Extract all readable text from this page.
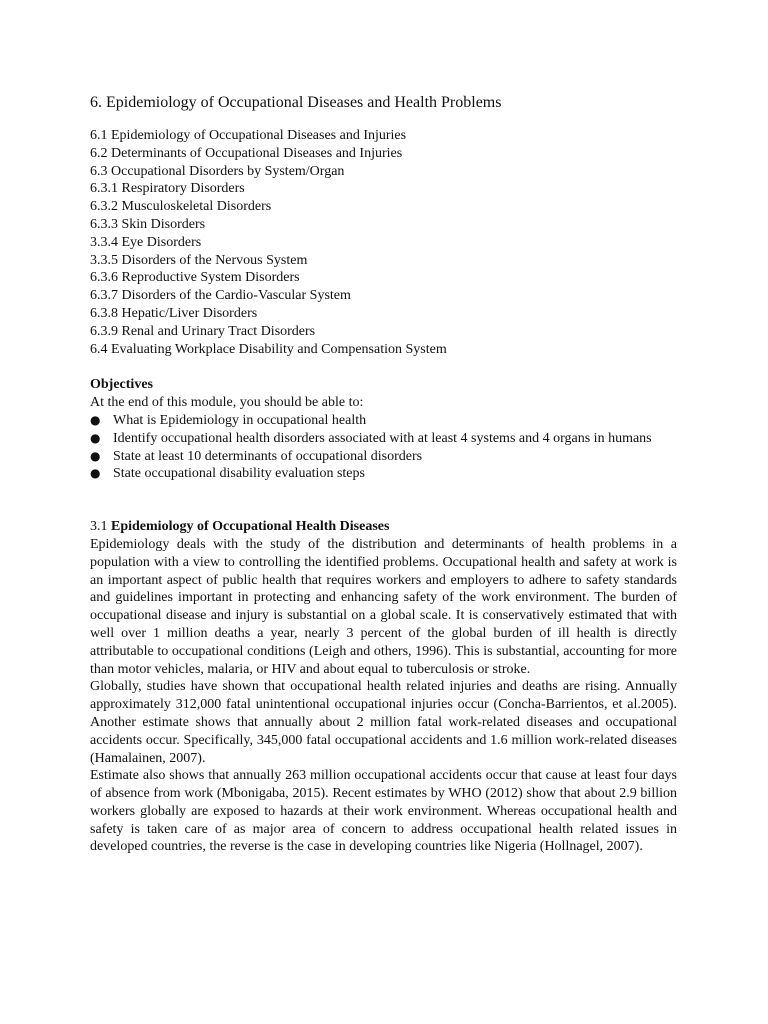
6. Epidemiology of Occupational Diseases and Health Problems
6.1 Epidemiology of Occupational Diseases and Injuries
6.2 Determinants of Occupational Diseases and Injuries
6.3 Occupational Disorders by System/Organ
6.3.1 Respiratory Disorders
6.3.2 Musculoskeletal Disorders
6.3.3 Skin Disorders
3.3.4 Eye Disorders
3.3.5 Disorders of the Nervous System
6.3.6 Reproductive System Disorders
6.3.7 Disorders of the Cardio-Vascular System
6.3.8 Hepatic/Liver Disorders
6.3.9 Renal and Urinary Tract Disorders
6.4 Evaluating Workplace Disability and Compensation System

Objectives

At the end of this module, you should be able to:

● What is Epidemiology in occupational health
● Identify occupational health disorders associated with at least 4 systems and 4 organs in humans
● State at least 10 determinants of occupational disorders
● State occupational disability evaluation steps

3.1 Epidemiology of Occupational Health Diseases

Epidemiology deals with the study of the distribution and determinants of health problems in a population with a view to controlling the identified problems. Occupational health and safety at work is an important aspect of public health that requires workers and employers to adhere to safety standards and guidelines important in protecting and enhancing safety of the work environment. The burden of occupational disease and injury is substantial on a global scale. It is conservatively estimated that with well over 1 million deaths a year, nearly 3 percent of the global burden of ill health is directly attributable to occupational conditions (Leigh and others, 1996). This is substantial, accounting for more than motor vehicles, malaria, or HIV and about equal to tuberculosis or stroke.

Globally, studies have shown that occupational health related injuries and deaths are rising. Annually approximately 312,000 fatal unintentional occupational injuries occur (Concha-Barrientos, et al.2005). Another estimate shows that annually about 2 million fatal work-related diseases and occupational accidents occur. Specifically, 345,000 fatal occupational accidents and 1.6 million work-related diseases (Hamalainen, 2007).

Estimate also shows that annually 263 million occupational accidents occur that cause at least four days of absence from work (Mbonigaba, 2015). Recent estimates by WHO (2012) show that about 2.9 billion workers globally are exposed to hazards at their work environment. Whereas occupational health and safety is taken care of as major area of concern to address occupational health related issues in developed countries, the reverse is the case in developing countries like Nigeria (Hollnagel, 2007).
